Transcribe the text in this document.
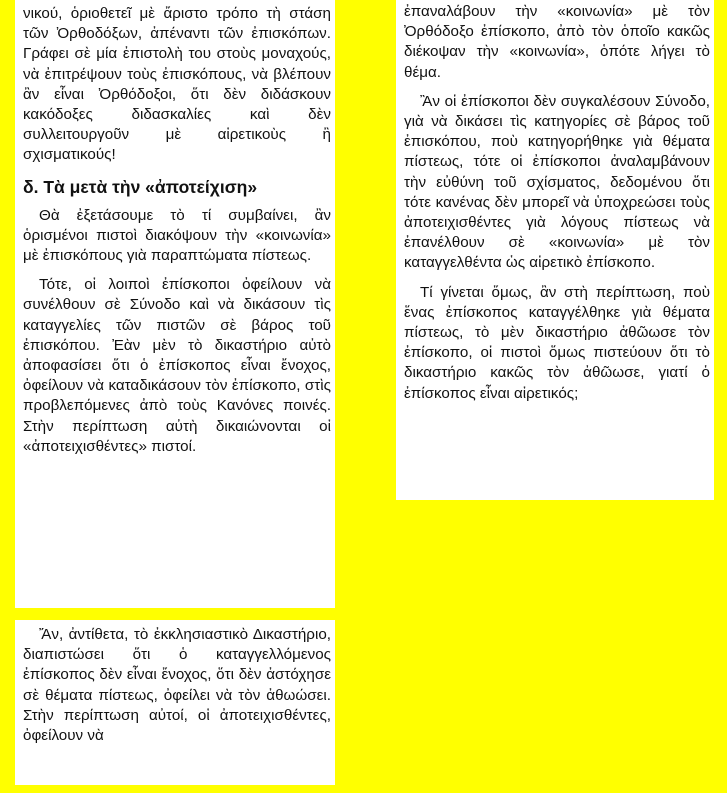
νικού, ὁριοθετεῖ μὲ ἄριστο τρόπο τὴ στάση τῶν Ὀρθοδόξων, ἀπέναντι τῶν ἐπισκόπων. Γράφει σὲ μία ἐπιστολὴ του στοὺς μοναχούς, νὰ ἐπιτρέψουν τοὺς ἐπισκόπους, νὰ βλέπουν ἂν εἶναι Ὀρθόδοξοι, ὅτι δὲν διδάσκουν κακόδοξες διδασκαλίες καὶ δὲν συλλειτουργοῦν μὲ αἱρετικοὺς ἢ σχισματικούς!

δ. Τὰ μετὰ τὴν «ἀποτείχιση»

Θὰ ἐξετάσουμε τὸ τί συμβαίνει, ἂν ὁρισμένοι πιστοὶ διακόψουν τὴν «κοινωνία» μὲ ἐπισκόπους γιὰ παραπτώματα πίστεως.

Τότε, οἱ λοιποὶ ἐπίσκοποι ὀφείλουν νὰ συνέλθουν σὲ Σύνοδο καὶ νὰ δικάσουν τὶς καταγγελίες τῶν πιστῶν σὲ βάρος τοῦ ἐπισκόπου. Ἐὰν μὲν τὸ δικαστήριο αὐτὸ ἀποφασίσει ὅτι ὁ ἐπίσκοπος εἶναι ἔνοχος, ὀφείλουν νὰ καταδικάσουν τὸν ἐπίσκοπο, στὶς προβλεπόμενες ἀπὸ τοὺς Κανόνες ποινές. Στὴν περίπτωση αὐτὴ δικαιώνονται οἱ «ἀποτειχισθέντες» πιστοί.

Ἄν, ἀντίθετα, τὸ ἐκκλησιαστικὸ Δικαστήριο, διαπιστώσει ὅτι ὁ καταγγελλόμενος ἐπίσκοπος δὲν εἶναι ἔνοχος, ὅτι δὲν ἀστόχησε σὲ θέματα πίστεως, ὀφείλει νὰ τὸν ἀθωώσει. Στὴν περίπτωση αὐτοί, οἱ ἀποτειχισθέντες, ὀφείλουν νὰ

ἐπαναλάβουν τὴν «κοινωνία» μὲ τὸν Ὀρθόδοξο ἐπίσκοπο, ἀπὸ τὸν ὁποῖο κακῶς διέκοψαν τὴν «κοινωνία», ὁπότε λήγει τὸ θέμα.

Ἂν οἱ ἐπίσκοποι δὲν συγκαλέσουν Σύνοδο, γιὰ νὰ δικάσει τὶς κατηγορίες σὲ βάρος τοῦ ἐπισκόπου, ποὺ κατηγορήθηκε γιὰ θέματα πίστεως, τότε οἱ ἐπίσκοποι ἀναλαμβάνουν τὴν εὐθύνη τοῦ σχίσματος, δεδομένου ὅτι τότε κανένας δὲν μπορεῖ νὰ ὑποχρεώσει τοὺς ἀποτειχισθέντες γιὰ λόγους πίστεως νὰ ἐπανέλθουν σὲ «κοινωνία» μὲ τὸν καταγγελθέντα ὡς αἱρετικὸ ἐπίσκοπο.

Τί γίνεται ὅμως, ἂν στὴ περίπτωση, ποὺ ἕνας ἐπίσκοπος καταγγέλθηκε γιὰ θέματα πίστεως, τὸ μὲν δικαστήριο ἀθῶωσε τὸν ἐπίσκοπο, οἱ πιστοὶ ὅμως πιστεύουν ὅτι τὸ δικαστήριο κακῶς τὸν ἀθῶωσε, γιατί ὁ ἐπίσκοπος εἶναι αἱρετικός;
